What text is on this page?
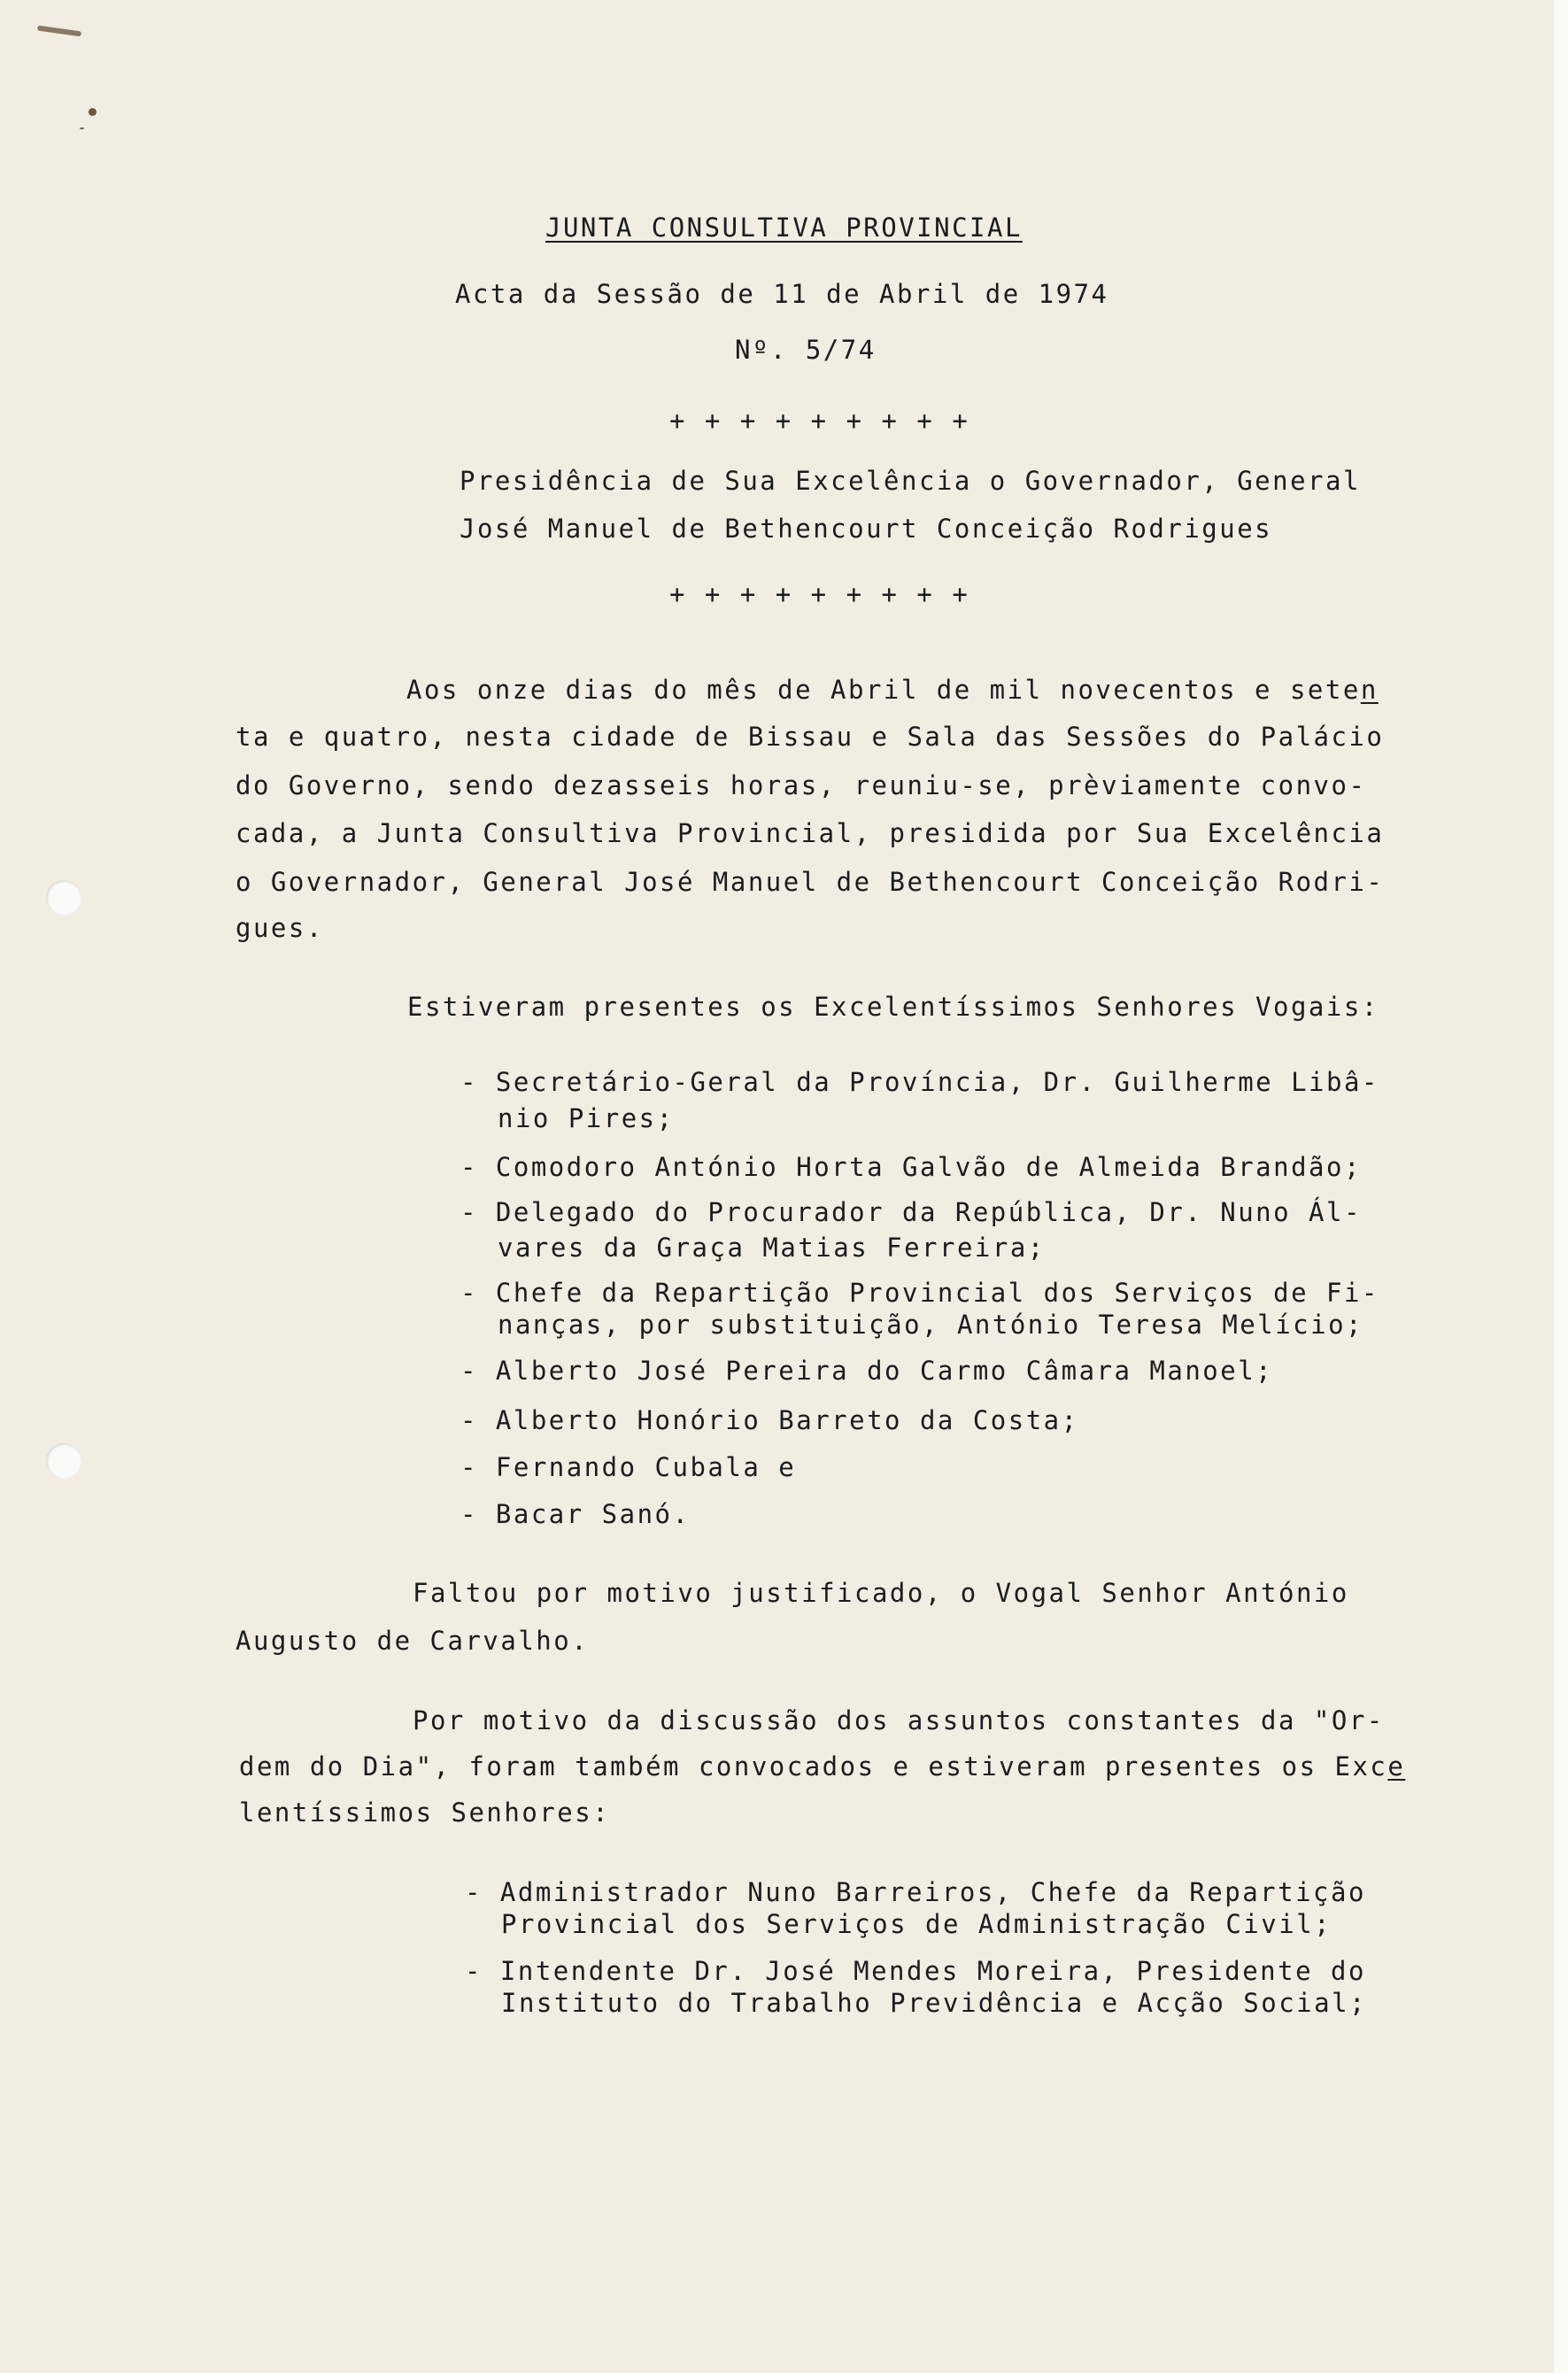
JUNTA CONSULTIVA PROVINCIAL
Acta da Sessão de 11 de Abril de 1974
Nº. 5/74
+ + + + + + + + +
Presidência de Sua Excelência o Governador, General
José Manuel de Bethencourt Conceição Rodrigues
+ + + + + + + + +
Aos onze dias do mês de Abril de mil novecentos e seten
ta e quatro, nesta cidade de Bissau e Sala das Sessões do Palácio
do Governo, sendo dezasseis horas, reuniu-se, prèviamente convo-
cada, a Junta Consultiva Provincial, presidida por Sua Excelência
o Governador, General José Manuel de Bethencourt Conceição Rodri-
gues.
Estiveram presentes os Excelentíssimos Senhores Vogais:
- Secretário-Geral da Província, Dr. Guilherme Libâ-
nio Pires;
- Comodoro António Horta Galvão de Almeida Brandão;
- Delegado do Procurador da República, Dr. Nuno Ál-
vares da Graça Matias Ferreira;
- Chefe da Repartição Provincial dos Serviços de Fi-
nanças, por substituição, António Teresa Melício;
- Alberto José Pereira do Carmo Câmara Manoel;
- Alberto Honório Barreto da Costa;
- Fernando Cubala e
- Bacar Sanó.
Faltou por motivo justificado, o Vogal Senhor António
Augusto de Carvalho.
Por motivo da discussão dos assuntos constantes da "Or-
dem do Dia", foram também convocados e estiveram presentes os Exce
lentíssimos Senhores:
- Administrador Nuno Barreiros, Chefe da Repartição
Provincial dos Serviços de Administração Civil;
- Intendente Dr. José Mendes Moreira, Presidente do
Instituto do Trabalho Previdência e Acção Social;
